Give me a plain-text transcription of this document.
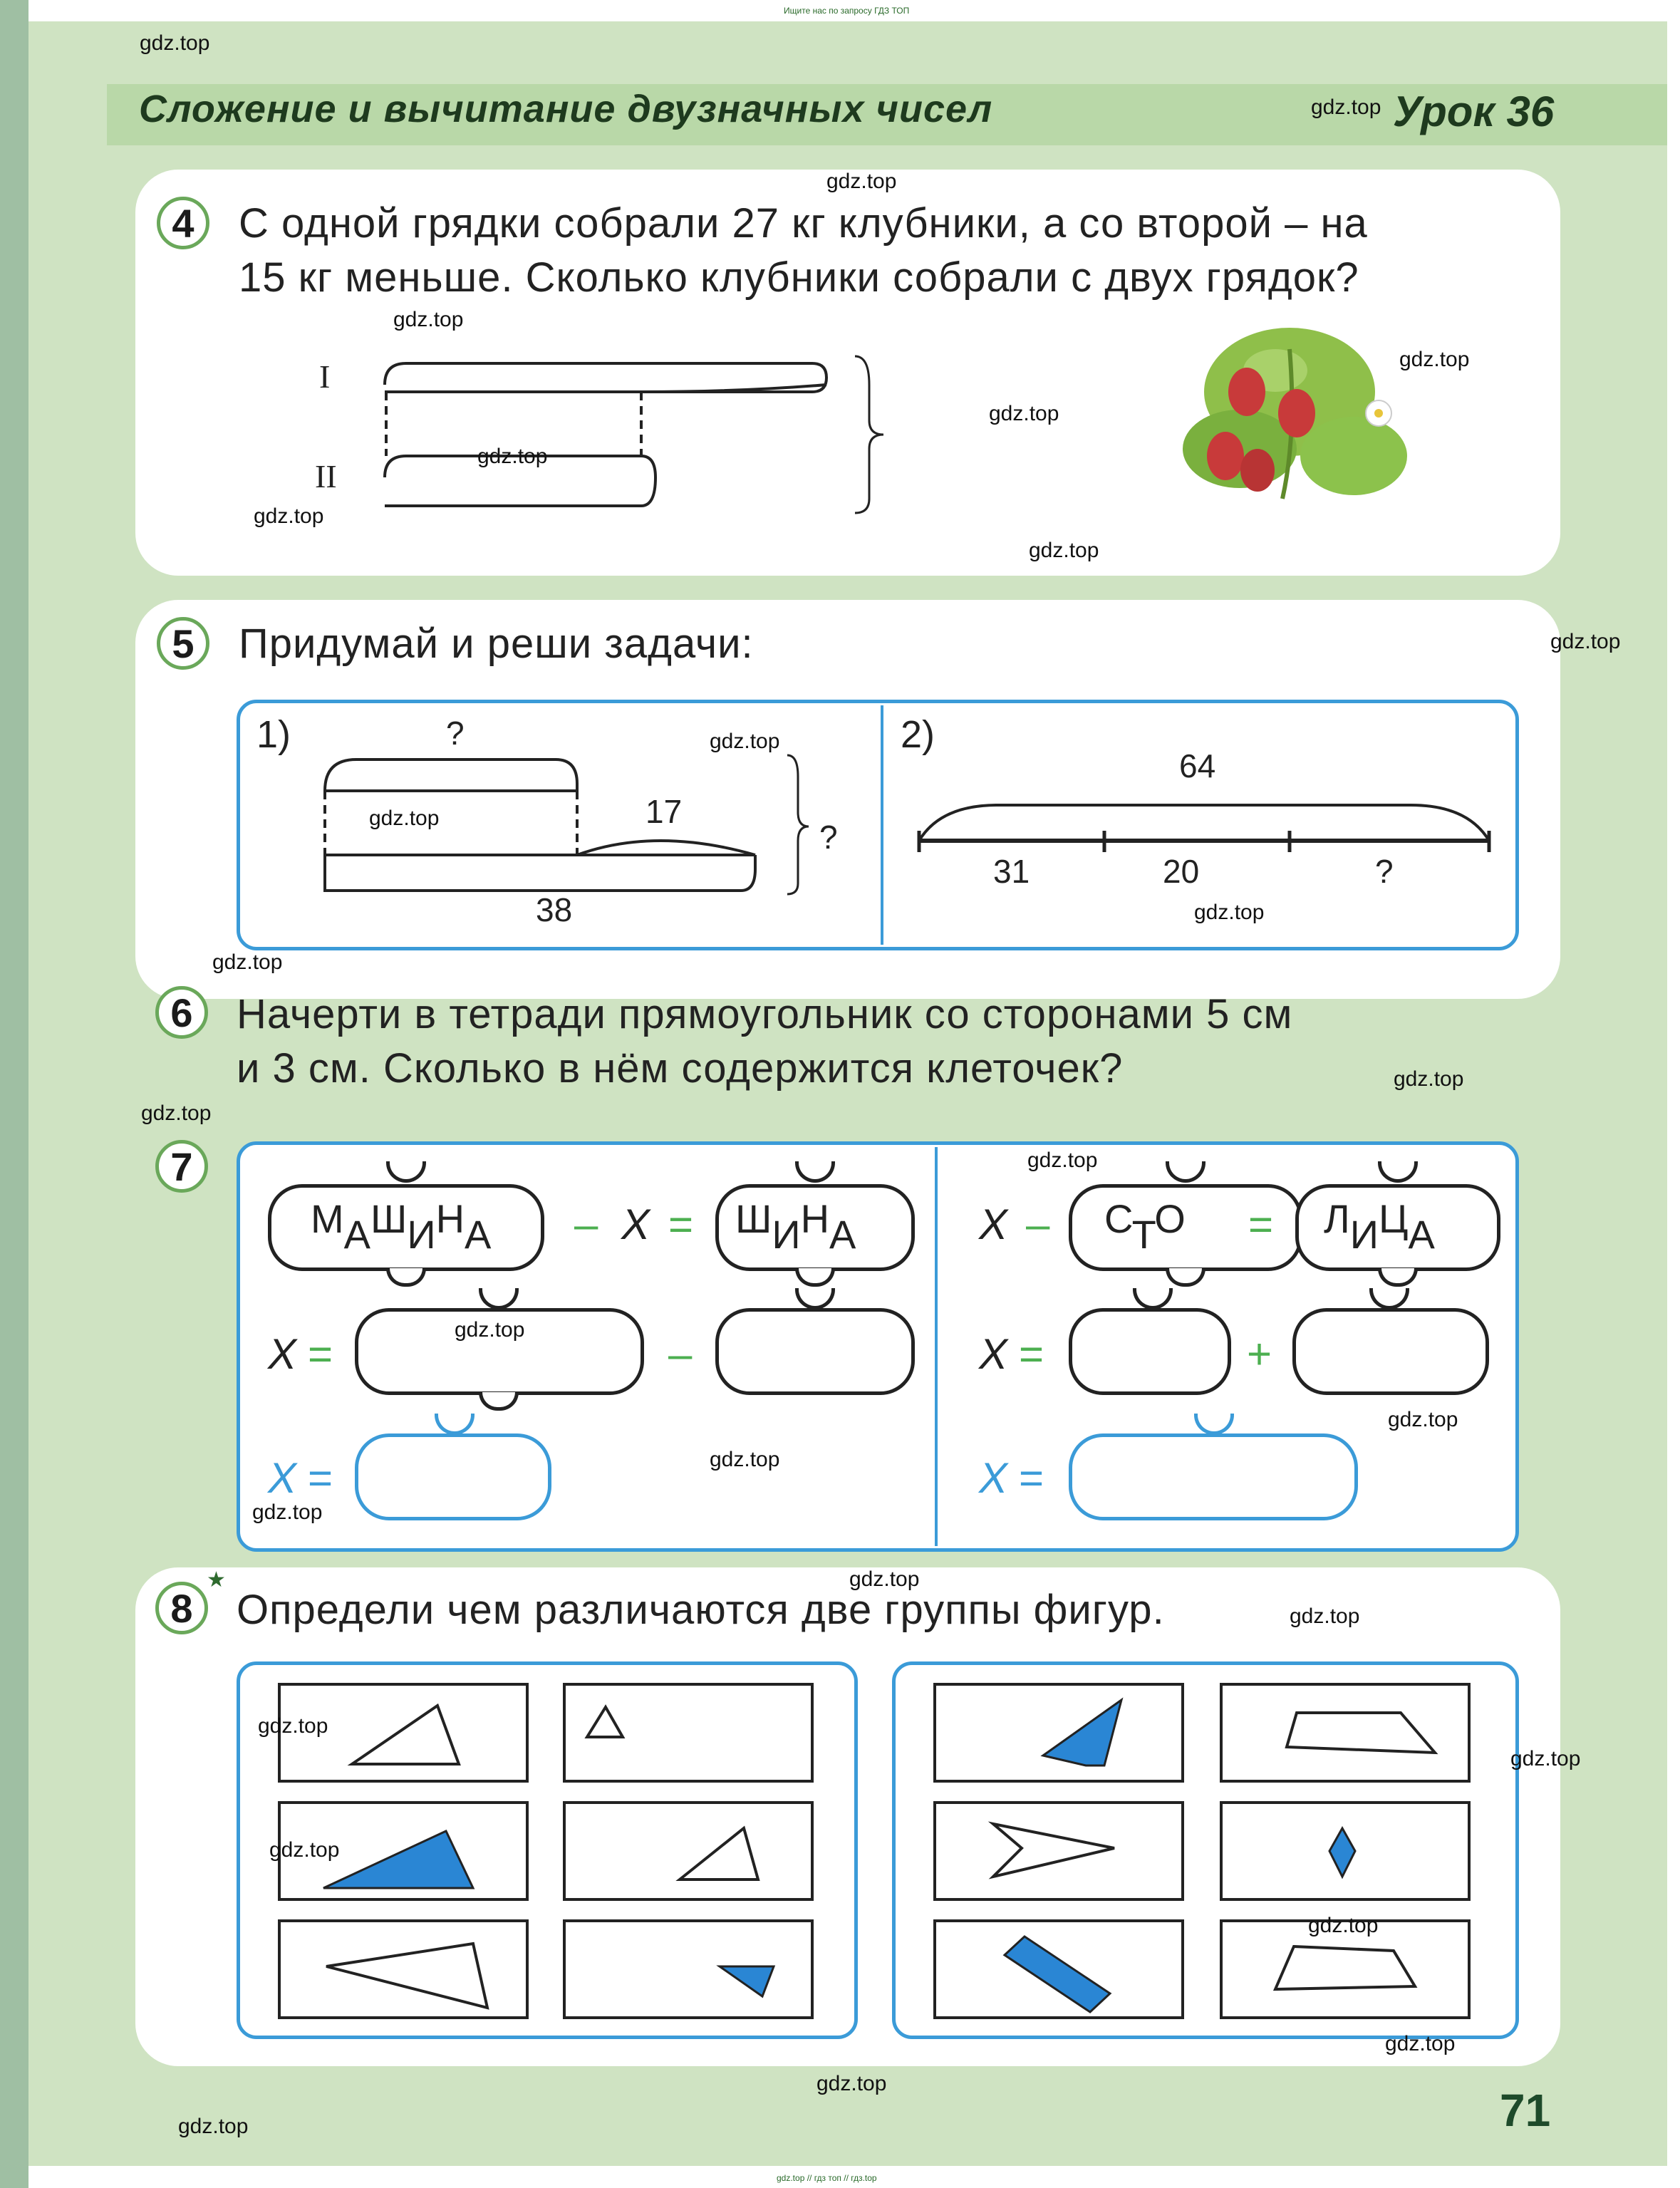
Ищите нас по запросу ГДЗ ТОП
Сложение и вычитание двузначных чисел	Урок 36
4	С одной грядки собрали 27 кг клубники, а со второй – на
15 кг меньше. Сколько клубники собрали с двух грядок?
I
II
5	Придумай и реши задачи:
1)	?
17
38
?
2)
64
31	20	?
6	Начерти в тетради прямоугольник со сторонами 5 см
и 3 см. Сколько в нём содержится клеточек?
7
МАШИНА – X = ШИНА
X =	–
X =
X – СТО = ЛИЦА
X =	+
X =
8
★
Определи чем различаются две группы фигур.
71
gdz.top // гдз топ // гдз.top
gdz.top
gdz.top
gdz.top
gdz.top
gdz.top
gdz.top
gdz.top
gdz.top
gdz.top
gdz.top
gdz.top
gdz.top
gdz.top
gdz.top
gdz.top
gdz.top
gdz.top
gdz.top
gdz.top
gdz.top
gdz.top
gdz.top
gdz.top
gdz.top
gdz.top
gdz.top
gdz.top
gdz.top
gdz.top
gdz.top
